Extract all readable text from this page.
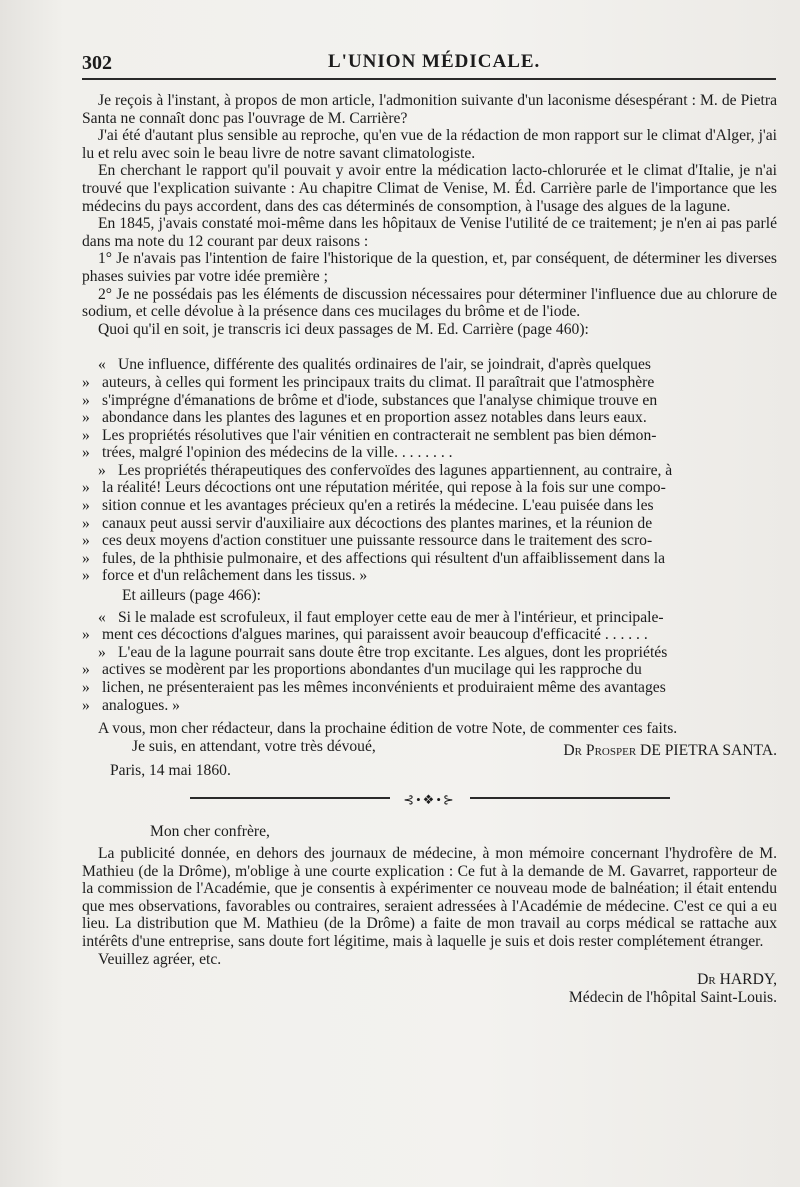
302	L'UNION MÉDICALE.

Je reçois à l'instant, à propos de mon article, l'admonition suivante d'un laconisme désespérant : M. de Pietra Santa ne connaît donc pas l'ouvrage de M. Carrière?

J'ai été d'autant plus sensible au reproche, qu'en vue de la rédaction de mon rapport sur le climat d'Alger, j'ai lu et relu avec soin le beau livre de notre savant climatologiste.

En cherchant le rapport qu'il pouvait y avoir entre la médication lacto-chlorurée et le climat d'Italie, je n'ai trouvé que l'explication suivante : Au chapitre Climat de Venise, M. Éd. Carrière parle de l'importance que les médecins du pays accordent, dans des cas déterminés de consomption, à l'usage des algues de la lagune.

En 1845, j'avais constaté moi-même dans les hôpitaux de Venise l'utilité de ce traitement; je n'en ai pas parlé dans ma note du 12 courant par deux raisons :

1° Je n'avais pas l'intention de faire l'historique de la question, et, par conséquent, de déterminer les diverses phases suivies par votre idée première ;

2° Je ne possédais pas les éléments de discussion nécessaires pour déterminer l'influence due au chlorure de sodium, et celle dévolue à la présence dans ces mucilages du brôme et de l'iode.

Quoi qu'il en soit, je transcris ici deux passages de M. Ed. Carrière (page 460):

« Une influence, différente des qualités ordinaires de l'air, se joindrait, d'après quelques
» auteurs, à celles qui forment les principaux traits du climat. Il paraîtrait que l'atmosphère
» s'imprégne d'émanations de brôme et d'iode, substances que l'analyse chimique trouve en
» abondance dans les plantes des lagunes et en proportion assez notables dans leurs eaux.
» Les propriétés résolutives que l'air vénitien en contracterait ne semblent pas bien démon-
» trées, malgré l'opinion des médecins de la ville. . . . . . . .
» Les propriétés thérapeutiques des confervoïdes des lagunes appartiennent, au contraire, à
» la réalité! Leurs décoctions ont une réputation méritée, qui repose à la fois sur une compo-
» sition connue et les avantages précieux qu'en a retirés la médecine. L'eau puisée dans les
» canaux peut aussi servir d'auxiliaire aux décoctions des plantes marines, et la réunion de
» ces deux moyens d'action constituer une puissante ressource dans le traitement des scro-
» fules, de la phthisie pulmonaire, et des affections qui résultent d'un affaiblissement dans la
» force et d'un relâchement dans les tissus. »

Et ailleurs (page 466):

« Si le malade est scrofuleux, il faut employer cette eau de mer à l'intérieur, et principale-
» ment ces décoctions d'algues marines, qui paraissent avoir beaucoup d'efficacité . . . . . .
» L'eau de la lagune pourrait sans doute être trop excitante. Les algues, dont les propriétés
» actives se modèrent par les proportions abondantes d'un mucilage qui les rapproche du
» lichen, ne présenteraient pas les mêmes inconvénients et produiraient même des avantages
» analogues. »

A vous, mon cher rédacteur, dans la prochaine édition de votre Note, de commenter ces faits.

Je suis, en attendant, votre très dévoué,	Dr Prosper DE PIETRA SANTA.

Paris, 14 mai 1860.

⊰•❖•⊱

Mon cher confrère,

La publicité donnée, en dehors des journaux de médecine, à mon mémoire concernant l'hydrofère de M. Mathieu (de la Drôme), m'oblige à une courte explication : Ce fut à la demande de M. Gavarret, rapporteur de la commission de l'Académie, que je consentis à expérimenter ce nouveau mode de balnéation; il était entendu que mes observations, favorables ou contraires, seraient adressées à l'Académie de médecine. C'est ce qui a eu lieu. La distribution que M. Mathieu (de la Drôme) a faite de mon travail au corps médical se rattache aux intérêts d'une entreprise, sans doute fort légitime, mais à laquelle je suis et dois rester complétement étranger.

Veuillez agréer, etc.
Dr HARDY,
Médecin de l'hôpital Saint-Louis.
